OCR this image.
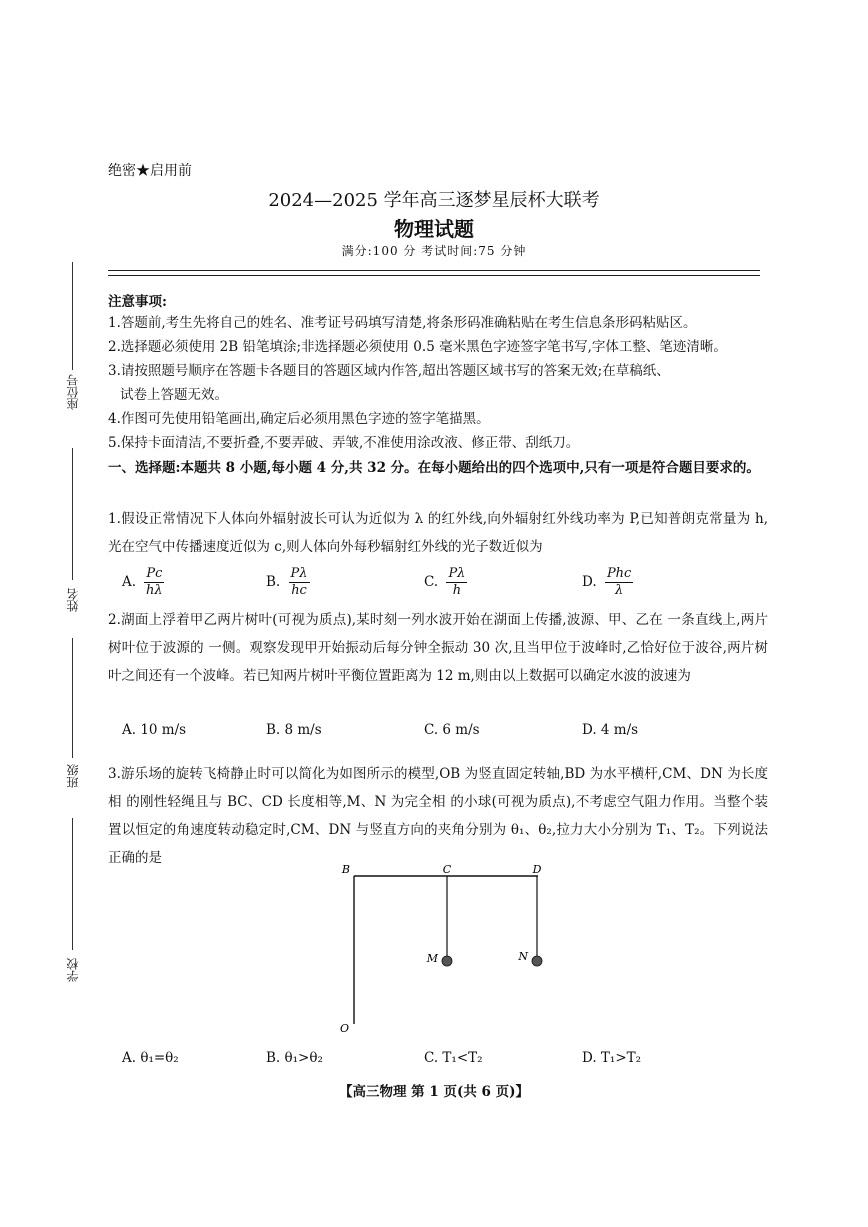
绝密★启用前
2024—2025 学年高三逐梦星辰杯大联考
物理试题
满分:100 分 考试时间:75 分钟
座位号
姓名
班级
学校
注意事项:
1.答题前,考生先将自己的姓名、准考证号码填写清楚,将条形码准确粘贴在考生信息条形码粘贴区。
2.选择题必须使用 2B 铅笔填涂;非选择题必须使用 0.5 毫米黑色字迹签字笔书写,字体工整、笔迹清晰。
3.请按照题号顺序在答题卡各题目的答题区域内作答,超出答题区域书写的答案无效;在草稿纸、
试卷上答题无效。
4.作图可先使用铅笔画出,确定后必须用黑色字迹的签字笔描黑。
5.保持卡面清洁,不要折叠,不要弄破、弄皱,不准使用涂改液、修正带、刮纸刀。
一、选择题:本题共 8 小题,每小题 4 分,共 32 分。在每小题给出的四个选项中,只有一项是符合题目要求的。
1.假设正常情况下人体向外辐射波长可认为近似为 λ 的红外线,向外辐射红外线功率为 P,已知普朗克常量为 h,光在空气中传播速度近似为 c,则人体向外每秒辐射红外线的光子数近似为
A. $\frac{Pc}{h\lambda}$	B. $\frac{P\lambda}{hc}$	C. $\frac{P\lambda}{h}$	D. $\frac{\text{Phc}}{\lambda}$
2.湖面上浮着甲乙两片树叶(可视为质点),某时刻一列水波开始在湖面上传播,波源、甲、乙在 一条直线上,两片树叶位于波源的 一侧。观察发现甲开始振动后每分钟全振动 30 次,且当甲位于波峰时,乙恰好位于波谷,两片树叶之间还有一个波峰。若已知两片树叶平衡位置距离为 12 m,则由以上数据可以确定水波的波速为
A. 10 m/s	B. 8 m/s	C. 6 m/s	D. 4 m/s
3.游乐场的旋转飞椅静止时可以简化为如图所示的模型,OB 为竖直固定转轴,BD 为水平横杆,CM、DN 为长度相 的刚性轻绳且与 BC、CD 长度相等,M、N 为完全相 的小球(可视为质点),不考虑空气阻力作用。当整个装置以恒定的角速度转动稳定时,CM、DN 与竖直方向的夹角分别为 θ₁、θ₂,拉力大小分别为 T₁、T₂。下列说法正确的是
B	C	D
M	N
O
A. θ₁=θ₂	B. θ₁>θ₂	C. T₁<T₂	D. T₁>T₂
【高三物理 第 1 页(共 6 页)】
